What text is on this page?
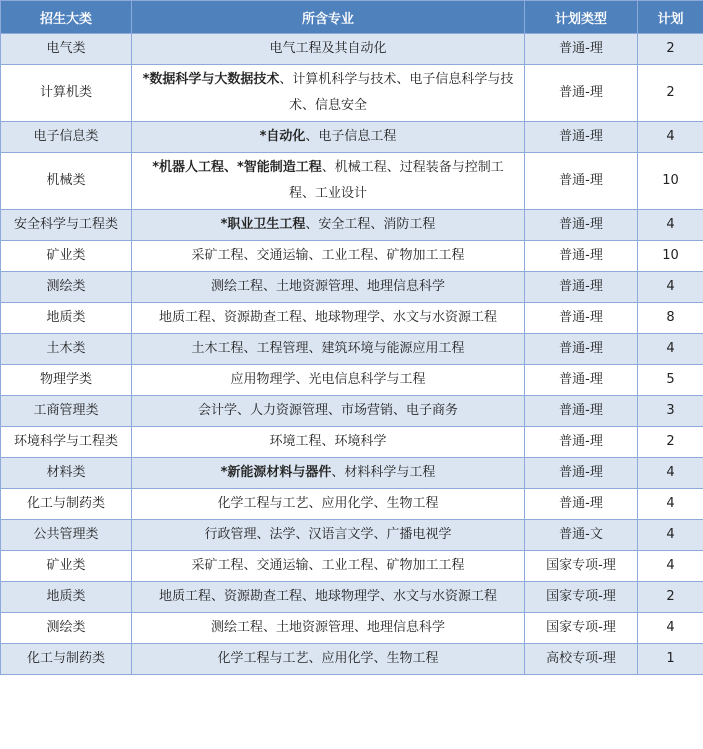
招生大类	所含专业	计划类型	计划
电气类	电气工程及其自动化	普通-理	2
计算机类	*数据科学与大数据技术、计算机科学与技术、电子信息科学与技术、信息安全	普通-理	2
电子信息类	*自动化、电子信息工程	普通-理	4
机械类	*机器人工程、*智能制造工程、机械工程、过程装备与控制工程、工业设计	普通-理	10
安全科学与工程类	*职业卫生工程、安全工程、消防工程	普通-理	4
矿业类	采矿工程、交通运输、工业工程、矿物加工工程	普通-理	10
测绘类	测绘工程、土地资源管理、地理信息科学	普通-理	4
地质类	地质工程、资源勘查工程、地球物理学、水文与水资源工程	普通-理	8
土木类	土木工程、工程管理、建筑环境与能源应用工程	普通-理	4
物理学类	应用物理学、光电信息科学与工程	普通-理	5
工商管理类	会计学、人力资源管理、市场营销、电子商务	普通-理	3
环境科学与工程类	环境工程、环境科学	普通-理	2
材料类	*新能源材料与器件、材料科学与工程	普通-理	4
化工与制药类	化学工程与工艺、应用化学、生物工程	普通-理	4
公共管理类	行政管理、法学、汉语言文学、广播电视学	普通-文	4
矿业类	采矿工程、交通运输、工业工程、矿物加工工程	国家专项-理	4
地质类	地质工程、资源勘查工程、地球物理学、水文与水资源工程	国家专项-理	2
测绘类	测绘工程、土地资源管理、地理信息科学	国家专项-理	4
化工与制药类	化学工程与工艺、应用化学、生物工程	高校专项-理	1
